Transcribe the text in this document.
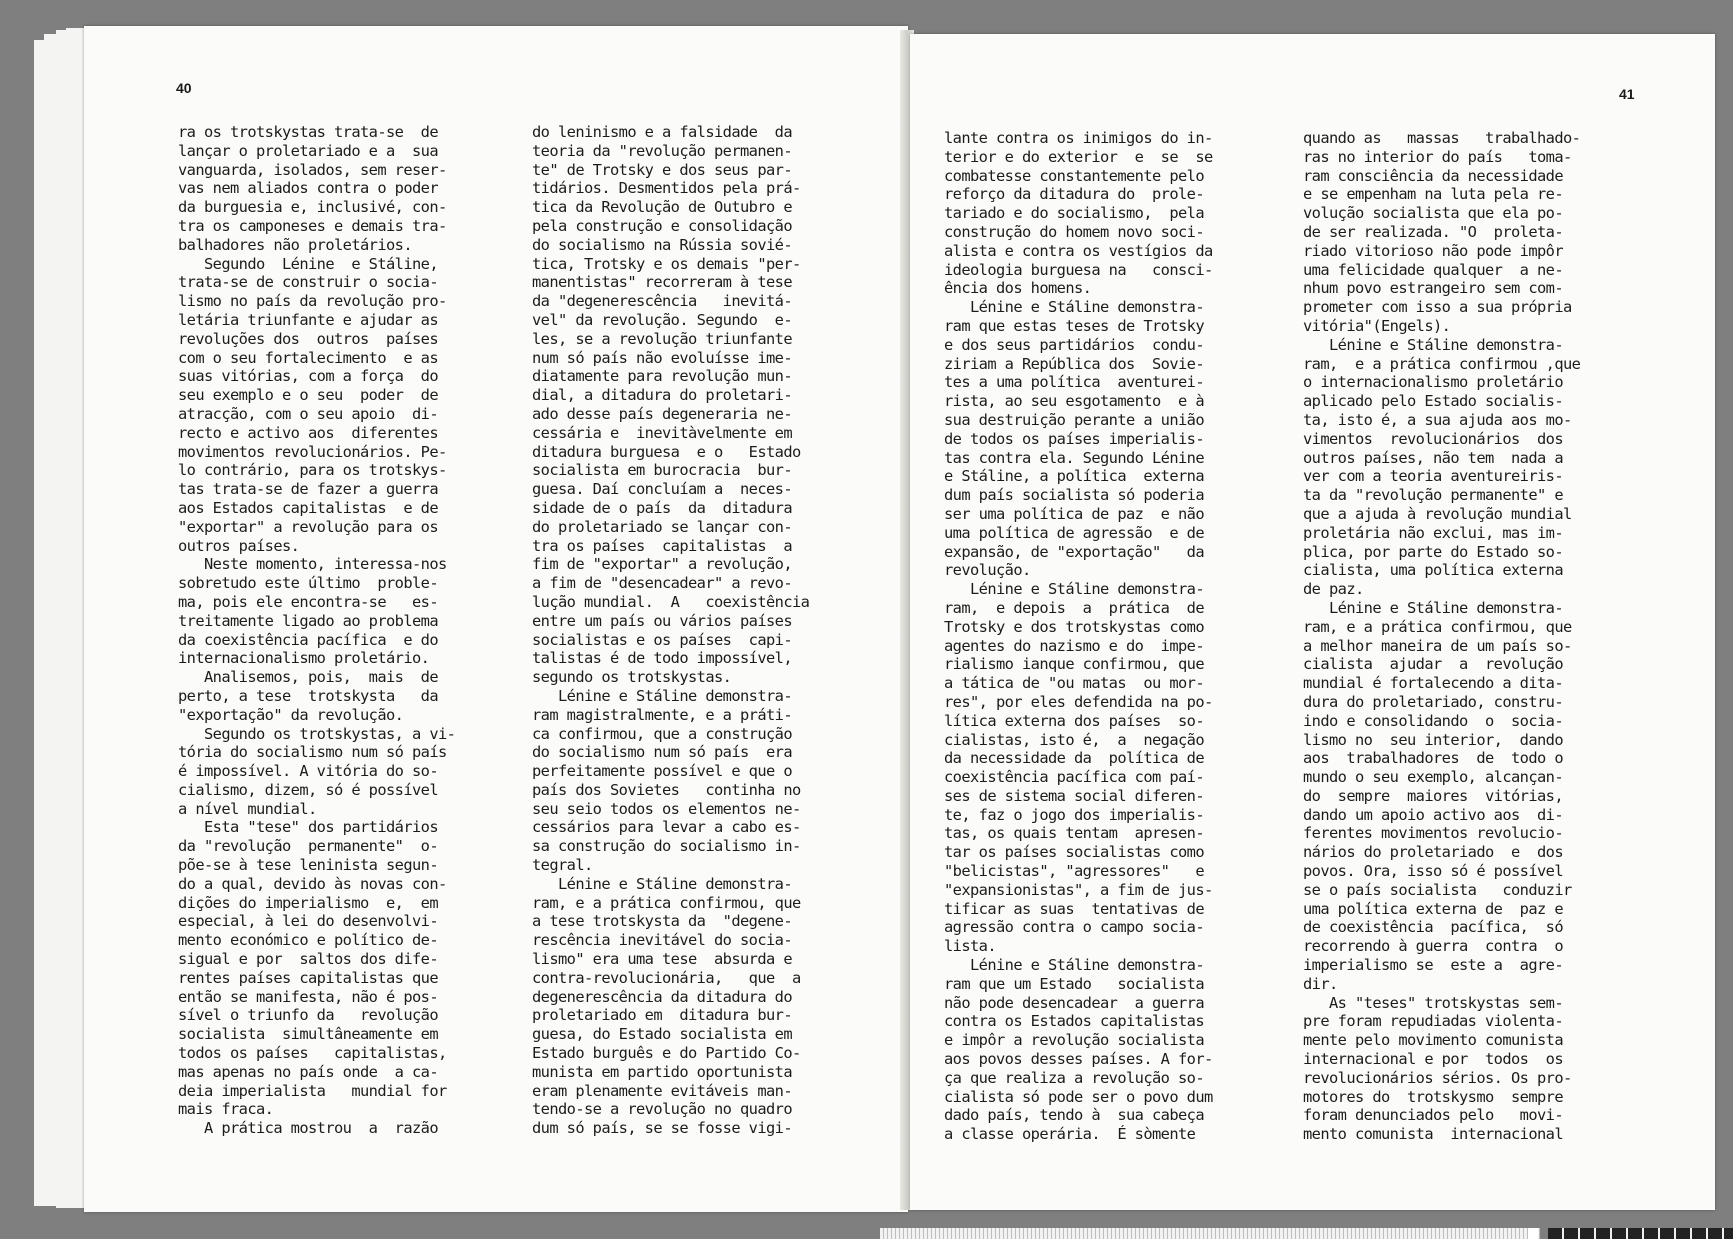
40

ra os trotskystas trata-se  de

lançar o proletariado e a  sua

vanguarda, isolados, sem reser-

vas nem aliados contra o poder

da burguesia e, inclusivé, con-

tra os camponeses e demais tra-

balhadores não proletários.

Segundo  Lénine  e Stáline,

trata-se de construir o socia-

lismo no país da revolução pro-

letária triunfante e ajudar as

revoluções dos  outros  países

com o seu fortalecimento  e as

suas vitórias, com a força  do

seu exemplo e o seu  poder  de

atracção, com o seu apoio  di-

recto e activo aos  diferentes

movimentos revolucionários. Pe-

lo contrário, para os trotskys-

tas trata-se de fazer a guerra

aos Estados capitalistas  e de

"exportar" a revolução para os

outros países.

Neste momento, interessa-nos

sobretudo este último  proble-

ma, pois ele encontra-se   es-

treitamente ligado ao problema

da coexistência pacífica  e do

internacionalismo proletário.

Analisemos, pois,  mais  de

perto, a tese  trotskysta   da

"exportação" da revolução.

Segundo os trotskystas, a vi-

tória do socialismo num só país

é impossível. A vitória do so-

cialismo, dizem, só é possível

a nível mundial.

Esta "tese" dos partidários

da "revolução  permanente"  o-

põe-se à tese leninista segun-

do a qual, devido às novas con-

dições do imperialismo  e,  em

especial, à lei do desenvolvi-

mento económico e político de-

sigual e por  saltos dos dife-

rentes países capitalistas que

então se manifesta, não é pos-

sível o triunfo da   revolução

socialista  simultâneamente em

todos os países   capitalistas,

mas apenas no país onde  a ca-

deia imperialista   mundial for

mais fraca.

A prática mostrou  a  razão

do leninismo e a falsidade  da

teoria da "revolução permanen-

te" de Trotsky e dos seus par-

tidários. Desmentidos pela prá-

tica da Revolução de Outubro e

pela construção e consolidação

do socialismo na Rússia sovié-

tica, Trotsky e os demais "per-

manentistas" recorreram à tese

da "degenerescência   inevitá-

vel" da revolução. Segundo  e-

les, se a revolução triunfante

num só país não evoluísse ime-

diatamente para revolução mun-

dial, a ditadura do proletari-

ado desse país degeneraria ne-

cessária e  inevitàvelmente em

ditadura burguesa  e o   Estado

socialista em burocracia  bur-

guesa. Daí concluíam a  neces-

sidade de o país  da  ditadura

do proletariado se lançar con-

tra os países  capitalistas  a

fim de "exportar" a revolução,

a fim de "desencadear" a revo-

lução mundial.  A   coexistência

entre um país ou vários países

socialistas e os países  capi-

talistas é de todo impossível,

segundo os trotskystas.

Lénine e Stáline demonstra-

ram magistralmente, e a práti-

ca confirmou, que a construção

do socialismo num só país  era

perfeitamente possível e que o

país dos Sovietes   continha no

seu seio todos os elementos ne-

cessários para levar a cabo es-

sa construção do socialismo in-

tegral.

Lénine e Stáline demonstra-

ram, e a prática confirmou, que

a tese trotskysta da  "degene-

rescência inevitável do socia-

lismo" era uma tese  absurda e

contra-revolucionária,   que  a

degenerescência da ditadura do

proletariado em  ditadura bur-

guesa, do Estado socialista em

Estado burguês e do Partido Co-

munista em partido oportunista

eram plenamente evitáveis man-

tendo-se a revolução no quadro

dum só país, se se fosse vigi-

41

lante contra os inimigos do in-

terior e do exterior  e  se  se

combatesse constantemente pelo

reforço da ditadura do  prole-

tariado e do socialismo,  pela

construção do homem novo soci-

alista e contra os vestígios da

ideologia burguesa na   consci-

ência dos homens.

Lénine e Stáline demonstra-

ram que estas teses de Trotsky

e dos seus partidários  condu-

ziriam a República dos  Sovie-

tes a uma política  aventurei-

rista, ao seu esgotamento  e à

sua destruição perante a união

de todos os países imperialis-

tas contra ela. Segundo Lénine

e Stáline, a política  externa

dum país socialista só poderia

ser uma política de paz  e não

uma política de agressão  e de

expansão, de "exportação"   da

revolução.

Lénine e Stáline demonstra-

ram,  e depois  a  prática  de

Trotsky e dos trotskystas como

agentes do nazismo e do  impe-

rialismo ianque confirmou, que

a tática de "ou matas  ou mor-

res", por eles defendida na po-

lítica externa dos países  so-

cialistas, isto é,  a  negação

da necessidade da  política de

coexistência pacífica com paí-

ses de sistema social diferen-

te, faz o jogo dos imperialis-

tas, os quais tentam  apresen-

tar os países socialistas como

"belicistas", "agressores"   e

"expansionistas", a fim de jus-

tificar as suas  tentativas de

agressão contra o campo socia-

lista.

Lénine e Stáline demonstra-

ram que um Estado   socialista

não pode desencadear  a guerra

contra os Estados capitalistas

e impôr a revolução socialista

aos povos desses países. A for-

ça que realiza a revolução so-

cialista só pode ser o povo dum

dado país, tendo à  sua cabeça

a classe operária.  É sòmente

quando as   massas   trabalhado-

ras no interior do país   toma-

ram consciência da necessidade

e se empenham na luta pela re-

volução socialista que ela po-

de ser realizada. "O  proleta-

riado vitorioso não pode impôr

uma felicidade qualquer  a ne-

nhum povo estrangeiro sem com-

prometer com isso a sua própria

vitória"(Engels).

Lénine e Stáline demonstra-

ram,  e a prática confirmou ,que

o internacionalismo proletário

aplicado pelo Estado socialis-

ta, isto é, a sua ajuda aos mo-

vimentos  revolucionários  dos

outros países, não tem  nada a

ver com a teoria aventureiris-

ta da "revolução permanente" e

que a ajuda à revolução mundial

proletária não exclui, mas im-

plica, por parte do Estado so-

cialista, uma política externa

de paz.

Lénine e Stáline demonstra-

ram, e a prática confirmou, que

a melhor maneira de um país so-

cialista  ajudar  a  revolução

mundial é fortalecendo a dita-

dura do proletariado, constru-

indo e consolidando  o  socia-

lismo no  seu interior,  dando

aos  trabalhadores  de  todo o

mundo o seu exemplo, alcançan-

do  sempre  maiores  vitórias,

dando um apoio activo aos  di-

ferentes movimentos revolucio-

nários do proletariado  e  dos

povos. Ora, isso só é possível

se o país socialista   conduzir

uma política externa de  paz e

de coexistência  pacífica,  só

recorrendo à guerra  contra  o

imperialismo se  este a  agre-

dir.

As "teses" trotskystas sem-

pre foram repudiadas violenta-

mente pelo movimento comunista

internacional e por  todos  os

revolucionários sérios. Os pro-

motores do  trotskysmo  sempre

foram denunciados pelo   movi-

mento comunista  internacional
